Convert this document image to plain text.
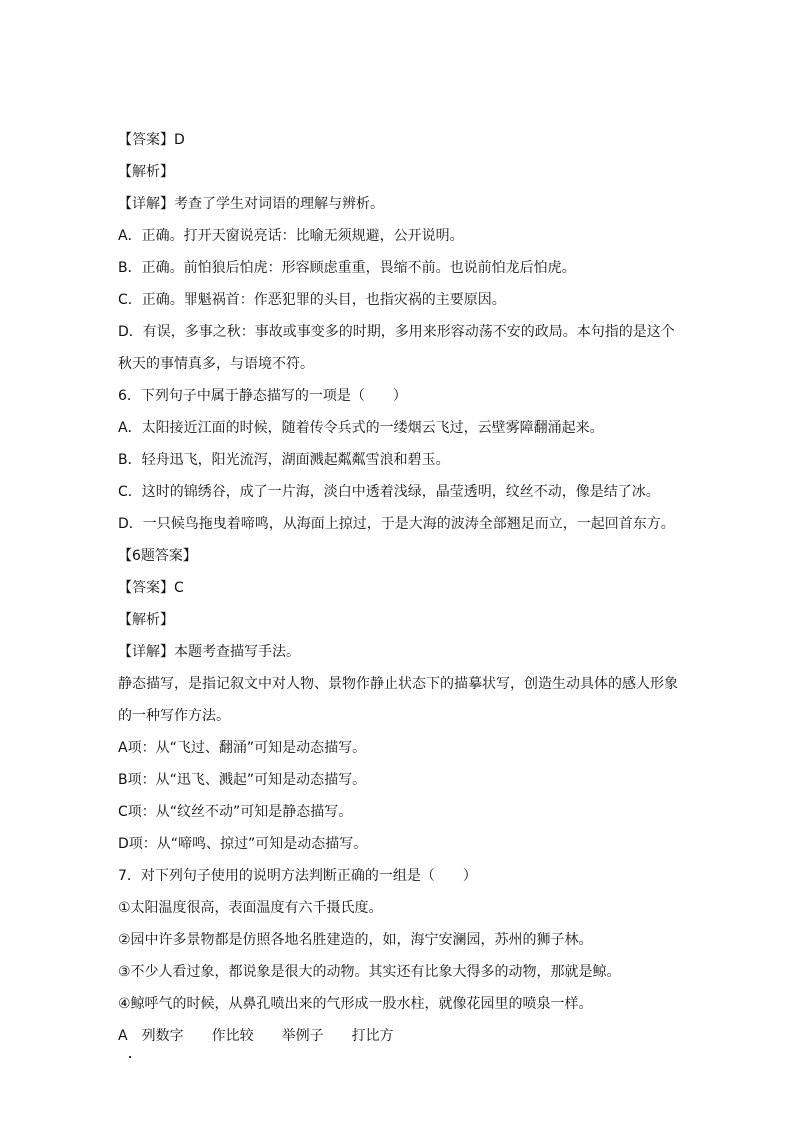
【答案】D
【解析】
【详解】考查了学生对词语的理解与辨析。
A．正确。打开天窗说亮话：比喻无须规避，公开说明。
B．正确。前怕狼后怕虎：形容顾虑重重，畏缩不前。也说前怕龙后怕虎。
C．正确。罪魁祸首：作恶犯罪的头目，也指灾祸的主要原因。
D．有误，多事之秋：事故或事变多的时期，多用来形容动荡不安的政局。本句指的是这个
秋天的事情真多，与语境不符。
6．下列句子中属于静态描写的一项是（　　）
A．太阳接近江面的时候，随着传令兵式的一缕烟云飞过，云壁雾障翻涌起来。
B．轻舟迅飞，阳光流泻，湖面溅起粼粼雪浪和碧玉。
C．这时的锦绣谷，成了一片海，淡白中透着浅绿，晶莹透明，纹丝不动，像是结了冰。
D．一只候鸟拖曳着啼鸣，从海面上掠过，于是大海的波涛全部翘足而立，一起回首东方。
【6题答案】
【答案】C
【解析】
【详解】本题考查描写手法。
静态描写，是指记叙文中对人物、景物作静止状态下的描摹状写，创造生动具体的感人形象
的一种写作方法。
A项：从“飞过、翻涌”可知是动态描写。
B项：从“迅飞、溅起”可知是动态描写。
C项：从“纹丝不动”可知是静态描写。
D项：从“啼鸣、掠过”可知是动态描写。
7．对下列句子使用的说明方法判断正确的一组是（　　）
①太阳温度很高，表面温度有六千摄氏度。
②园中许多景物都是仿照各地名胜建造的，如，海宁安澜园，苏州的狮子林。
③不少人看过象，都说象是很大的动物。其实还有比象大得多的动物，那就是鲸。
④鲸呼气的时候，从鼻孔喷出来的气形成一股水柱，就像花园里的喷泉一样。
A　列数字　　作比较　　举例子　　打比方
